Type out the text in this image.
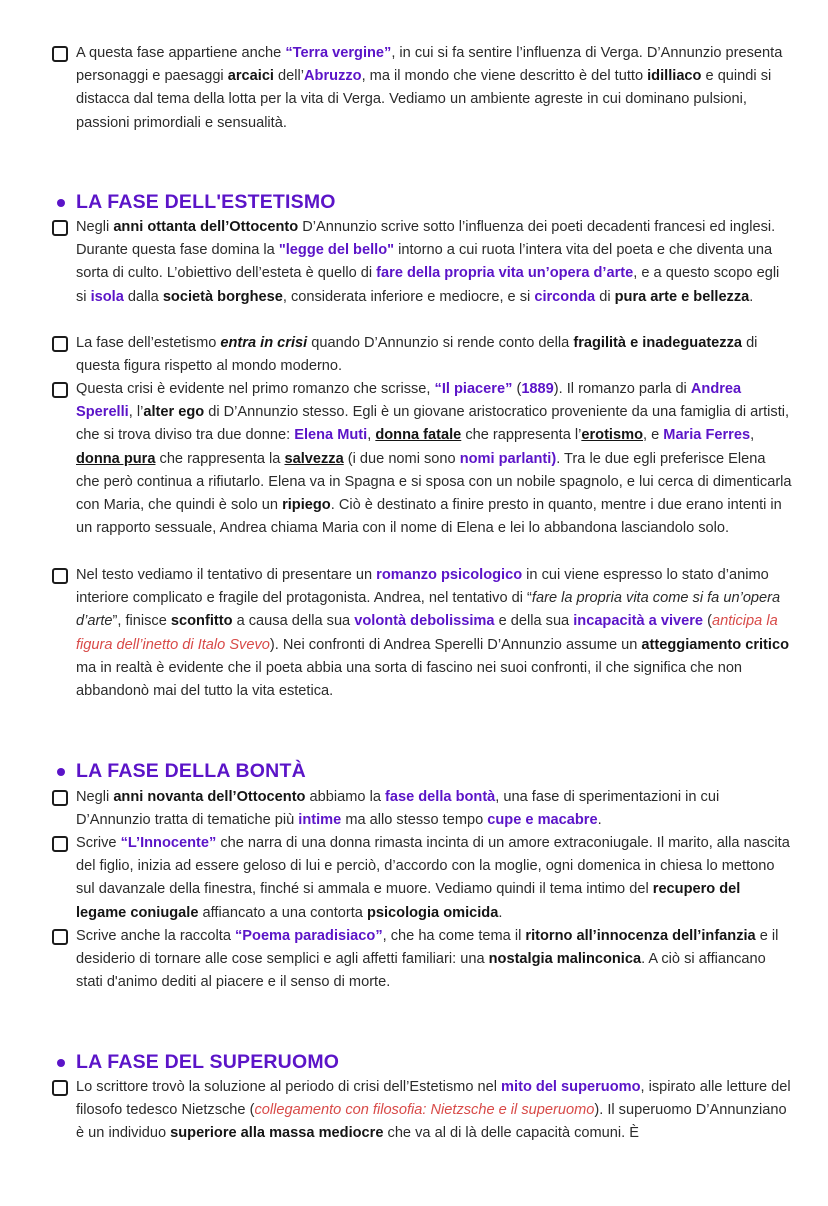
A questa fase appartiene anche “Terra vergine”, in cui si fa sentire l’influenza di Verga. D’Annunzio presenta personaggi e paesaggi arcaici dell’Abruzzo, ma il mondo che viene descritto è del tutto idilliaco e quindi si distacca dal tema della lotta per la vita di Verga. Vediamo un ambiente agreste in cui dominano pulsioni, passioni primordiali e sensualità.
LA FASE DELL'ESTETISMO
Negli anni ottanta dell’Ottocento D’Annunzio scrive sotto l’influenza dei poeti decadenti francesi ed inglesi. Durante questa fase domina la "legge del bello" intorno a cui ruota l’intera vita del poeta e che diventa una sorta di culto. L’obiettivo dell’esteta è quello di fare della propria vita un’opera d’arte, e a questo scopo egli si isola dalla società borghese, considerata inferiore e mediocre, e si circonda di pura arte e bellezza.
La fase dell’estetismo entra in crisi quando D’Annunzio si rende conto della fragilità e inadeguatezza di questa figura rispetto al mondo moderno.
Questa crisi è evidente nel primo romanzo che scrisse, “Il piacere” (1889). Il romanzo parla di Andrea Sperelli, l’alter ego di D’Annunzio stesso. Egli è un giovane aristocratico proveniente da una famiglia di artisti, che si trova diviso tra due donne: Elena Muti, donna fatale che rappresenta l’erotismo, e Maria Ferres, donna pura che rappresenta la salvezza (i due nomi sono nomi parlanti). Tra le due egli preferisce Elena che però continua a rifiutarlo. Elena va in Spagna e si sposa con un nobile spagnolo, e lui cerca di dimenticarla con Maria, che quindi è solo un ripiego. Ciò è destinato a finire presto in quanto, mentre i due erano intenti in un rapporto sessuale, Andrea chiama Maria con il nome di Elena e lei lo abbandona lasciandolo solo.
Nel testo vediamo il tentativo di presentare un romanzo psicologico in cui viene espresso lo stato d’animo interiore complicato e fragile del protagonista. Andrea, nel tentativo di “fare la propria vita come si fa un’opera d’arte”, finisce sconfitto a causa della sua volontà debolissima e della sua incapacità a vivere (anticipa la figura dell’inetto di Italo Svevo). Nei confronti di Andrea Sperelli D’Annunzio assume un atteggiamento critico ma in realtà è evidente che il poeta abbia una sorta di fascino nei suoi confronti, il che significa che non abbandonò mai del tutto la vita estetica.
LA FASE DELLA BONTÀ
Negli anni novanta dell’Ottocento abbiamo la fase della bontà, una fase di sperimentazioni in cui D’Annunzio tratta di tematiche più intime ma allo stesso tempo cupe e macabre.
Scrive “L’Innocente” che narra di una donna rimasta incinta di un amore extraconiugale. Il marito, alla nascita del figlio, inizia ad essere geloso di lui e perciò, d’accordo con la moglie, ogni domenica in chiesa lo mettono sul davanzale della finestra, finché si ammala e muore. Vediamo quindi il tema intimo del recupero del legame coniugale affiancato a una contorta psicologia omicida.
Scrive anche la raccolta “Poema paradisiaco”, che ha come tema il ritorno all’innocenza dell’infanzia e il desiderio di tornare alle cose semplici e agli affetti familiari: una nostalgia malinconica. A ciò si affiancano stati d'animo dediti al piacere e il senso di morte.
LA FASE DEL SUPERUOMO
Lo scrittore trovò la soluzione al periodo di crisi dell’Estetismo nel mito del superuomo, ispirato alle letture del filosofo tedesco Nietzsche (collegamento con filosofia: Nietzsche e il superuomo). Il superuomo D’Annunziano è un individuo superiore alla massa mediocre che va al di là delle capacità comuni. È
